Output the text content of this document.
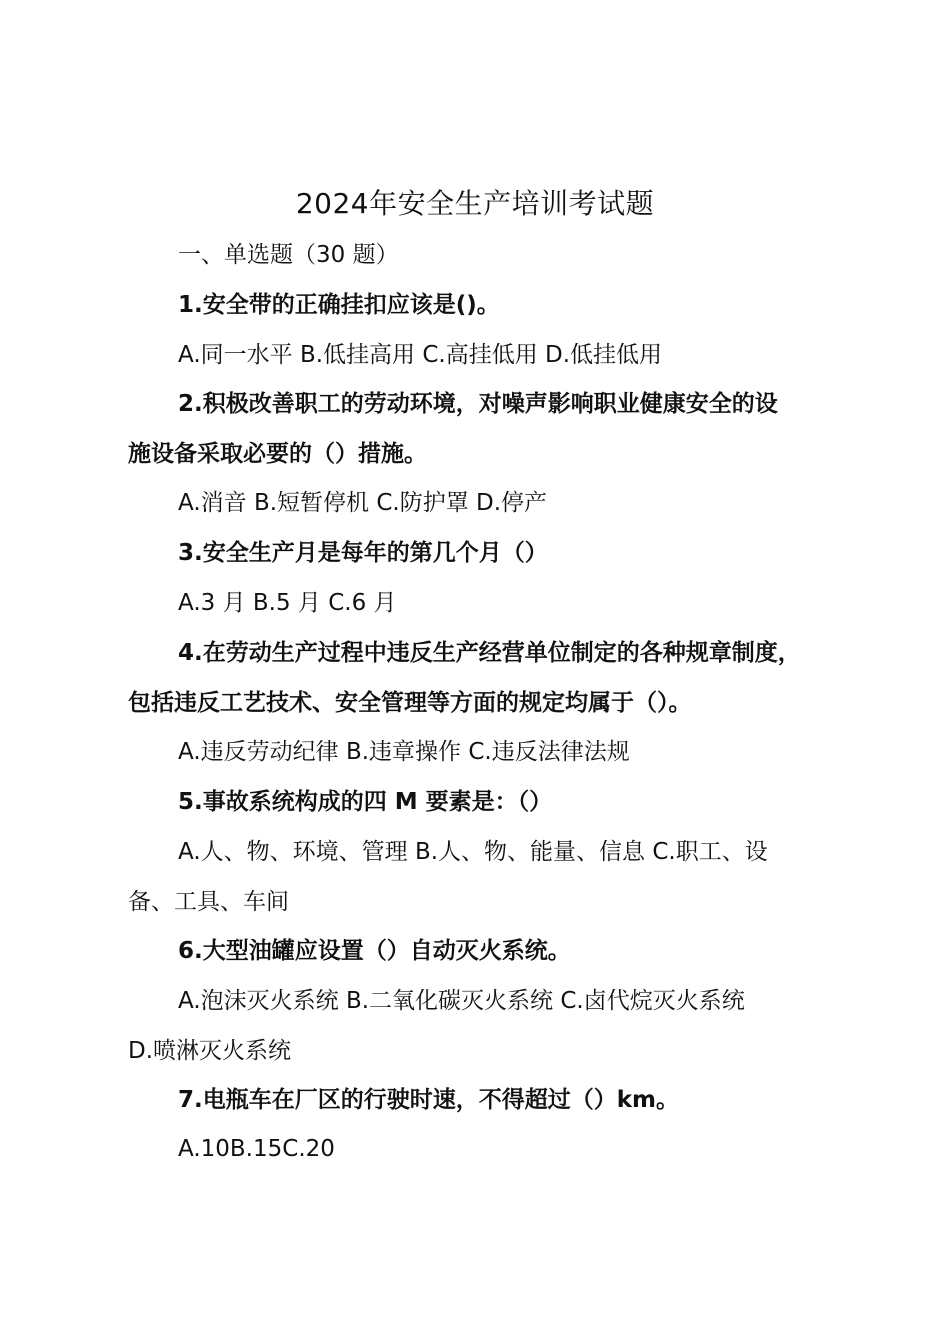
2024年安全生产培训考试题
一、单选题（30 题）
1.安全带的正确挂扣应该是()。
A.同一水平 B.低挂高用 C.高挂低用 D.低挂低用
2.积极改善职工的劳动环境，对噪声影响职业健康安全的设
施设备采取必要的（）措施。
A.消音 B.短暂停机 C.防护罩 D.停产
3.安全生产月是每年的第几个月（）
A.3 月 B.5 月 C.6 月
4.在劳动生产过程中违反生产经营单位制定的各种规章制度，
包括违反工艺技术、安全管理等方面的规定均属于（）。
A.违反劳动纪律 B.违章操作 C.违反法律法规
5.事故系统构成的四 M 要素是：（）
A.人、物、环境、管理 B.人、物、能量、信息 C.职工、设
备、工具、车间
6.大型油罐应设置（）自动灭火系统。
A.泡沫灭火系统 B.二氧化碳灭火系统 C.卤代烷灭火系统
D.喷淋灭火系统
7.电瓶车在厂区的行驶时速，不得超过（）km。
A.10B.15C.20
